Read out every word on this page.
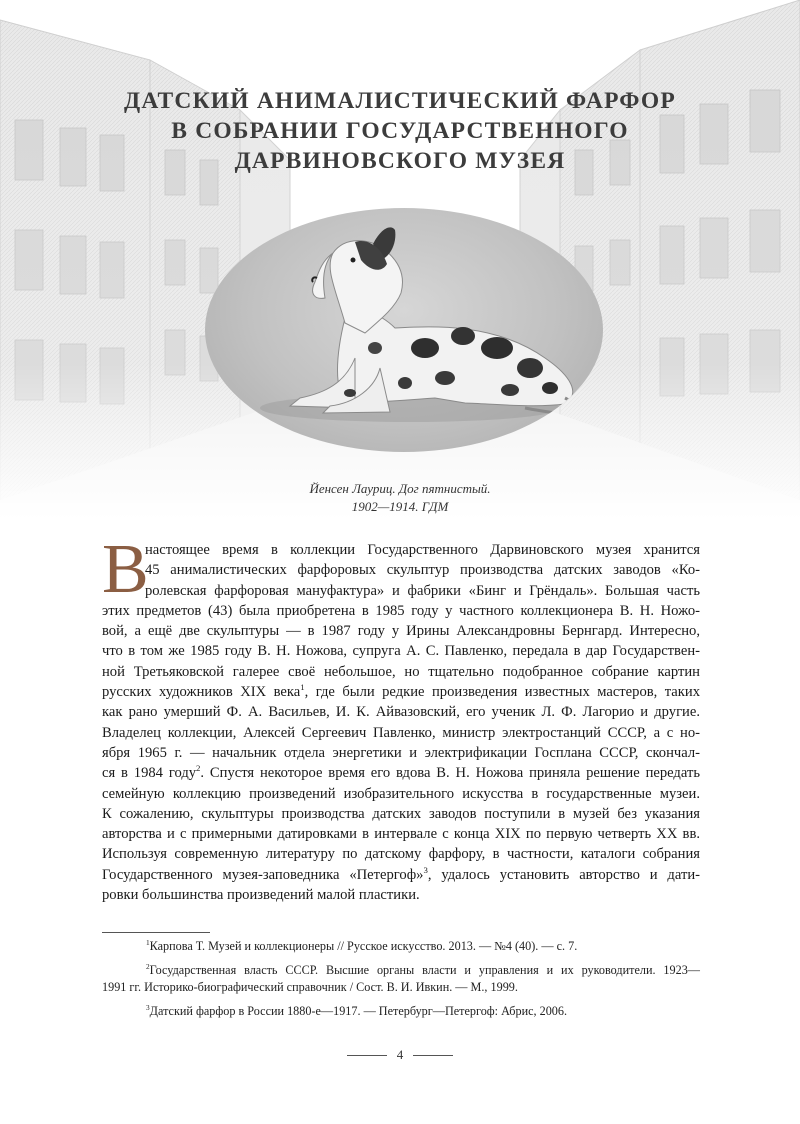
ДАТСКИЙ АНИМАЛИСТИЧЕСКИЙ ФАРФОР
В СОБРАНИИ ГОСУДАРСТВЕННОГО
ДАРВИНОВСКОГО МУЗЕЯ
Йенсен Лауриц. Дог пятнистый.
1902—1914. ГДМ
В
настоящее время в коллекции Государственного Дарвиновского музея хранится
45 анималистических фарфоровых скульптур производства датских заводов «Ко-
ролевская фарфоровая мануфактура» и фабрики «Бинг и Грёндаль». Большая часть
этих предметов (43) была приобретена в 1985 году у частного коллекционера В. Н. Ножо-
вой, а ещё две скульптуры — в 1987 году у Ирины Александровны Бернгард. Интересно,
что в том же 1985 году В. Н. Ножова, супруга А. С. Павленко, передала в дар Государствен-
ной Третьяковской галерее своё небольшое, но тщательно подобранное собрание картин
русских художников XIX века$^1$, где были редкие произведения известных мастеров, таких
как рано умерший Ф. А. Васильев, И. К. Айвазовский, его ученик Л. Ф. Лагорио и другие.
Владелец коллекции, Алексей Сергеевич Павленко, министр электростанций СССР, а с но-
ября 1965 г. — начальник отдела энергетики и электрификации Госплана СССР, скончал-
ся в 1984 году$^2$. Спустя некоторое время его вдова В. Н. Ножова приняла решение передать
семейную коллекцию произведений изобразительного искусства в государственные музеи.
К сожалению, скульптуры производства датских заводов поступили в музей без указания
авторства и с примерными датировками в интервале с конца XIX по первую четверть XX вв.
Используя современную литературу по датскому фарфору, в частности, каталоги собрания
Государственного музея-заповедника «Петергоф»$^3$, удалось установить авторство и дати-
ровки большинства произведений малой пластики.
$^1$Карпова Т. Музей и коллекционеры // Русское искусство. 2013. — №4 (40). — с. 7.
$^2$Государственная власть СССР. Высшие органы власти и управления и их руководители. 1923—
1991 гг. Историко-биографический справочник / Сост. В. И. Ивкин. — М., 1999.
$^3$Датский фарфор в России 1880-е—1917. — Петербург—Петергоф: Абрис, 2006.
4
